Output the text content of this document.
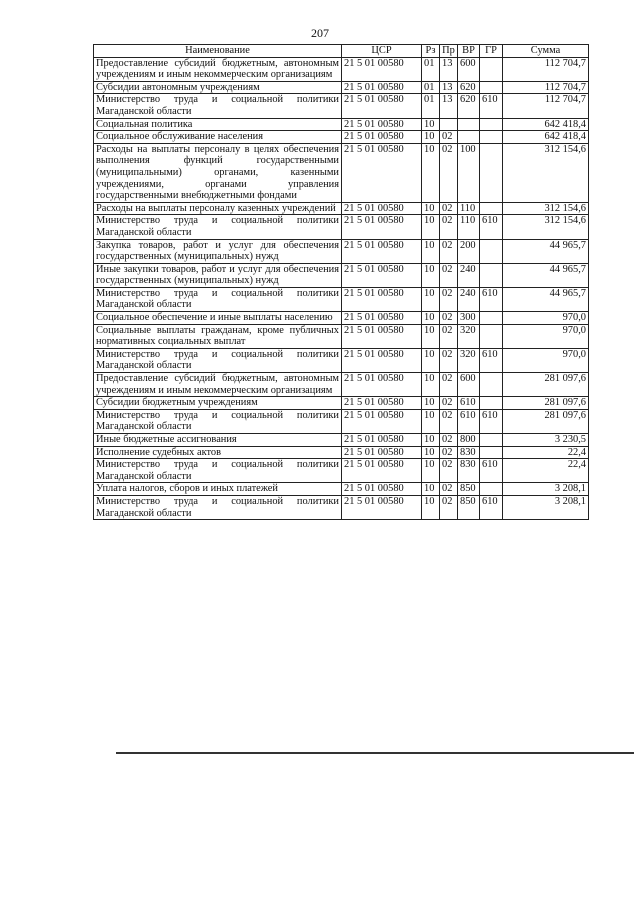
207
Наименование	ЦСР	Рз	Пр	ВР	ГР	Сумма
Предоставление субсидий бюджетным, автономным учреждениям и иным некоммерческим организациям	21 5 01 00580	01	13	600		112 704,7
Субсидии автономным учреждениям	21 5 01 00580	01	13	620		112 704,7
Министерство труда и социальной политики Магаданской области	21 5 01 00580	01	13	620	610	112 704,7
Социальная политика	21 5 01 00580	10				642 418,4
Социальное обслуживание населения	21 5 01 00580	10	02			642 418,4
Расходы на выплаты персоналу в целях обеспечения выполнения функций государственными (муниципальными) органами, казенными учреждениями, органами управления государственными внебюджетными фондами	21 5 01 00580	10	02	100		312 154,6
Расходы на выплаты персоналу казенных учреждений	21 5 01 00580	10	02	110		312 154,6
Министерство труда и социальной политики Магаданской области	21 5 01 00580	10	02	110	610	312 154,6
Закупка товаров, работ и услуг для обеспечения государственных (муниципальных) нужд	21 5 01 00580	10	02	200		44 965,7
Иные закупки товаров, работ и услуг для обеспечения государственных (муниципальных) нужд	21 5 01 00580	10	02	240		44 965,7
Министерство труда и социальной политики Магаданской области	21 5 01 00580	10	02	240	610	44 965,7
Социальное обеспечение и иные выплаты населению	21 5 01 00580	10	02	300		970,0
Социальные выплаты гражданам, кроме публичных нормативных социальных выплат	21 5 01 00580	10	02	320		970,0
Министерство труда и социальной политики Магаданской области	21 5 01 00580	10	02	320	610	970,0
Предоставление субсидий бюджетным, автономным учреждениям и иным некоммерческим организациям	21 5 01 00580	10	02	600		281 097,6
Субсидии бюджетным учреждениям	21 5 01 00580	10	02	610		281 097,6
Министерство труда и социальной политики Магаданской области	21 5 01 00580	10	02	610	610	281 097,6
Иные бюджетные ассигнования	21 5 01 00580	10	02	800		3 230,5
Исполнение судебных актов	21 5 01 00580	10	02	830		22,4
Министерство труда и социальной политики Магаданской области	21 5 01 00580	10	02	830	610	22,4
Уплата налогов, сборов и иных платежей	21 5 01 00580	10	02	850		3 208,1
Министерство труда и социальной политики Магаданской области	21 5 01 00580	10	02	850	610	3 208,1
